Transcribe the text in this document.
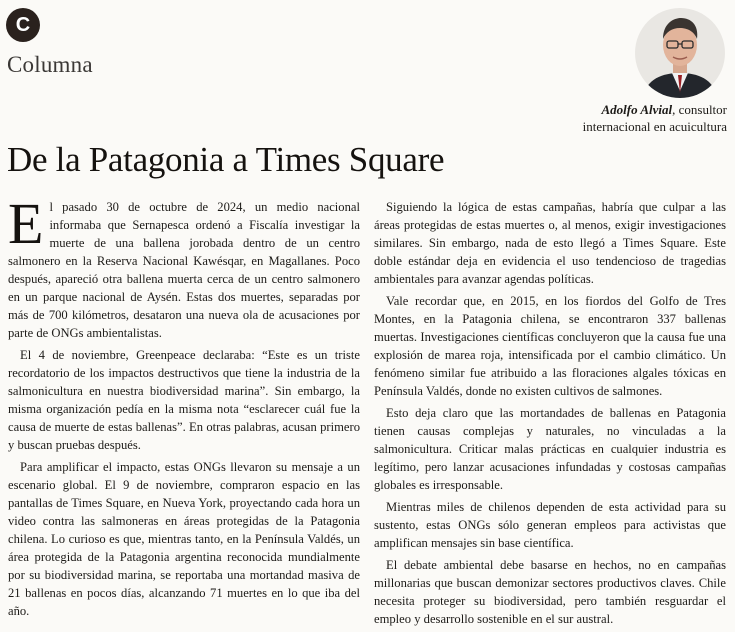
C
Columna
Adolfo Alvial, consultor
internacional en acuicultura
De la Patagonia a Times Square

El pasado 30 de octubre de 2024, un medio nacional informaba que Sernapesca ordenó a Fiscalía investigar la muerte de una ballena jorobada dentro de un centro salmonero en la Reserva Nacional Kawésqar, en Magallanes. Poco después, apareció otra ballena muerta cerca de un centro salmonero en un parque nacional de Aysén. Estas dos muertes, separadas por más de 700 kilómetros, desataron una nueva ola de acusaciones por parte de ONGs ambientalistas.

El 4 de noviembre, Greenpeace declaraba: “Este es un triste recordatorio de los impactos destructivos que tiene la industria de la salmonicultura en nuestra biodiversidad marina”. Sin embargo, la misma organización pedía en la misma nota “esclarecer cuál fue la causa de muerte de estas ballenas”. En otras palabras, acusan primero y buscan pruebas después.

Para amplificar el impacto, estas ONGs llevaron su mensaje a un escenario global. El 9 de noviembre, compraron espacio en las pantallas de Times Square, en Nueva York, proyectando cada hora un video contra las salmoneras en áreas protegidas de la Patagonia chilena. Lo curioso es que, mientras tanto, en la Península Valdés, un área protegida de la Patagonia argentina reconocida mundialmente por su biodiversidad marina, se reportaba una mortandad masiva de 21 ballenas en pocos días, alcanzando 71 muertes en lo que iba del año.

Siguiendo la lógica de estas campañas, habría que culpar a las áreas protegidas de estas muertes o, al menos, exigir investigaciones similares. Sin embargo, nada de esto llegó a Times Square. Este doble estándar deja en evidencia el uso tendencioso de tragedias ambientales para avanzar agendas políticas.

Vale recordar que, en 2015, en los fiordos del Golfo de Tres Montes, en la Patagonia chilena, se encontraron 337 ballenas muertas. Investigaciones científicas concluyeron que la causa fue una explosión de marea roja, intensificada por el cambio climático. Un fenómeno similar fue atribuido a las floraciones algales tóxicas en Península Valdés, donde no existen cultivos de salmones.

Esto deja claro que las mortandades de ballenas en Patagonia tienen causas complejas y naturales, no vinculadas a la salmonicultura. Criticar malas prácticas en cualquier industria es legítimo, pero lanzar acusaciones infundadas y costosas campañas globales es irresponsable.

Mientras miles de chilenos dependen de esta actividad para su sustento, estas ONGs sólo generan empleos para activistas que amplifican mensajes sin base científica.

El debate ambiental debe basarse en hechos, no en campañas millonarias que buscan demonizar sectores productivos claves. Chile necesita proteger su biodiversidad, pero también resguardar el empleo y desarrollo sostenible en el sur austral.
